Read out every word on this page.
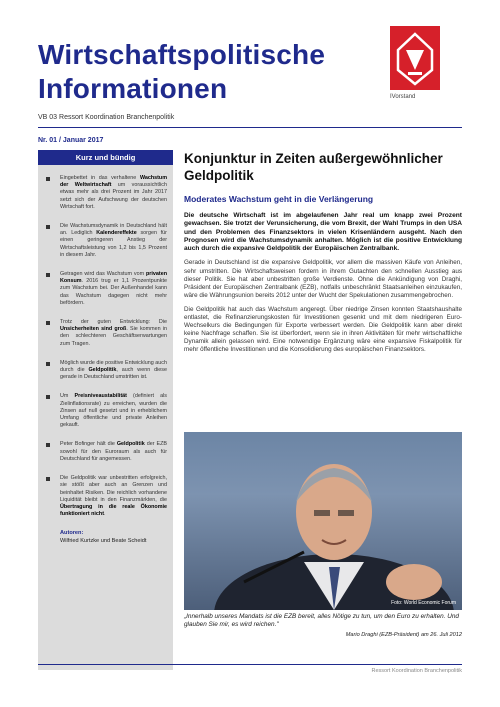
Wirtschaftspolitische
Informationen	IVorstand
VB 03 Ressort Koordination Branchenpolitik
Nr. 01 / Januar 2017
Kurz und bündig
Eingebettet in das verhaltene Wachstum der Weltwirtschaft um voraussichtlich etwas mehr als drei Prozent im Jahr 2017 setzt sich der Aufschwung der deutschen Wirtschaft fort.
Die Wachstumsdynamik in Deutschland hält an. Lediglich Kalendereffekte sorgen für einen geringeren Anstieg der Wirtschaftsleistung von 1,2 bis 1,5 Prozent in diesem Jahr.
Getragen wird das Wachstum vom privaten Konsum. 2016 trug er 1,1 Prozentpunkte zum Wachstum bei. Der Außenhandel kann das Wachstum dagegen nicht mehr befördern.
Trotz der guten Entwicklung: Die Unsicherheiten sind groß. Sie kommen in den schlechteren Geschäftserwartungen zum Tragen.
Möglich wurde die positive Entwicklung auch durch die Geldpolitik, auch wenn diese gerade in Deutschland umstritten ist.
Um Preisniveaustabilität (definiert als Zielinflationsrate) zu erreichen, wurden die Zinsen auf null gesetzt und in erheblichem Umfang öffentliche und private Anleihen gekauft.
Peter Bofinger hält die Geldpolitik der EZB sowohl für den Euroraum als auch für Deutschland für angemessen.
Die Geldpolitik war unbestritten erfolgreich, sie stößt aber auch an Grenzen und beinhaltet Risiken. Die reichlich vorhandene Liquidität bleibt in den Finanzmärkten, die Übertragung in die reale Ökonomie funktioniert nicht.
Autoren:
Wilfried Kurtzke und Beate Scheidt
Konjunktur in Zeiten außergewöhnlicher Geldpolitik
Moderates Wachstum geht in die Verlängerung

Die deutsche Wirtschaft ist im abgelaufenen Jahr real um knapp zwei Prozent gewachsen. Sie trotzt der Verunsicherung, die vom Brexit, der Wahl Trumps in den USA und den Problemen des Finanzsektors in vielen Krisenländern ausgeht. Nach den Prognosen wird die Wachstumsdynamik anhalten. Möglich ist die positive Entwicklung auch durch die expansive Geldpolitik der Europäischen Zentralbank.

Gerade in Deutschland ist die expansive Geldpolitik, vor allem die massiven Käufe von Anleihen, sehr umstritten. Die Wirtschaftsweisen fordern in ihrem Gutachten den schnellen Ausstieg aus dieser Politik. Sie hat aber unbestritten große Verdienste. Ohne die Ankündigung von Draghi, Präsident der Europäischen Zentralbank (EZB), notfalls unbeschränkt Staatsanleihen einzukaufen, wäre die Währungsunion bereits 2012 unter der Wucht der Spekulationen zusammengebrochen.

Die Geldpolitik hat auch das Wachstum angeregt. Über niedrige Zinsen konnten Staatshaushalte entlastet, die Refinanzierungskosten für Investitionen gesenkt und mit dem niedrigeren Euro-Wechselkurs die Bedingungen für Exporte verbessert werden. Die Geldpolitik kann aber direkt keine Nachfrage schaffen. Sie ist überfordert, wenn sie in ihren Aktivitäten für mehr wirtschaftliche Dynamik allein gelassen wird. Eine notwendige Ergänzung wäre eine expansive Fiskalpolitik für mehr öffentliche Investitionen und die Konsolidierung des europäischen Finanzsektors.

Foto: World Economic Forum
„Innerhalb unseres Mandats ist die EZB bereit, alles Nötige zu tun, um den Euro zu erhalten. Und glauben Sie mir, es wird reichen."
Mario Draghi (EZB-Präsident) am 26. Juli 2012
Ressort Koordination Branchenpolitik
